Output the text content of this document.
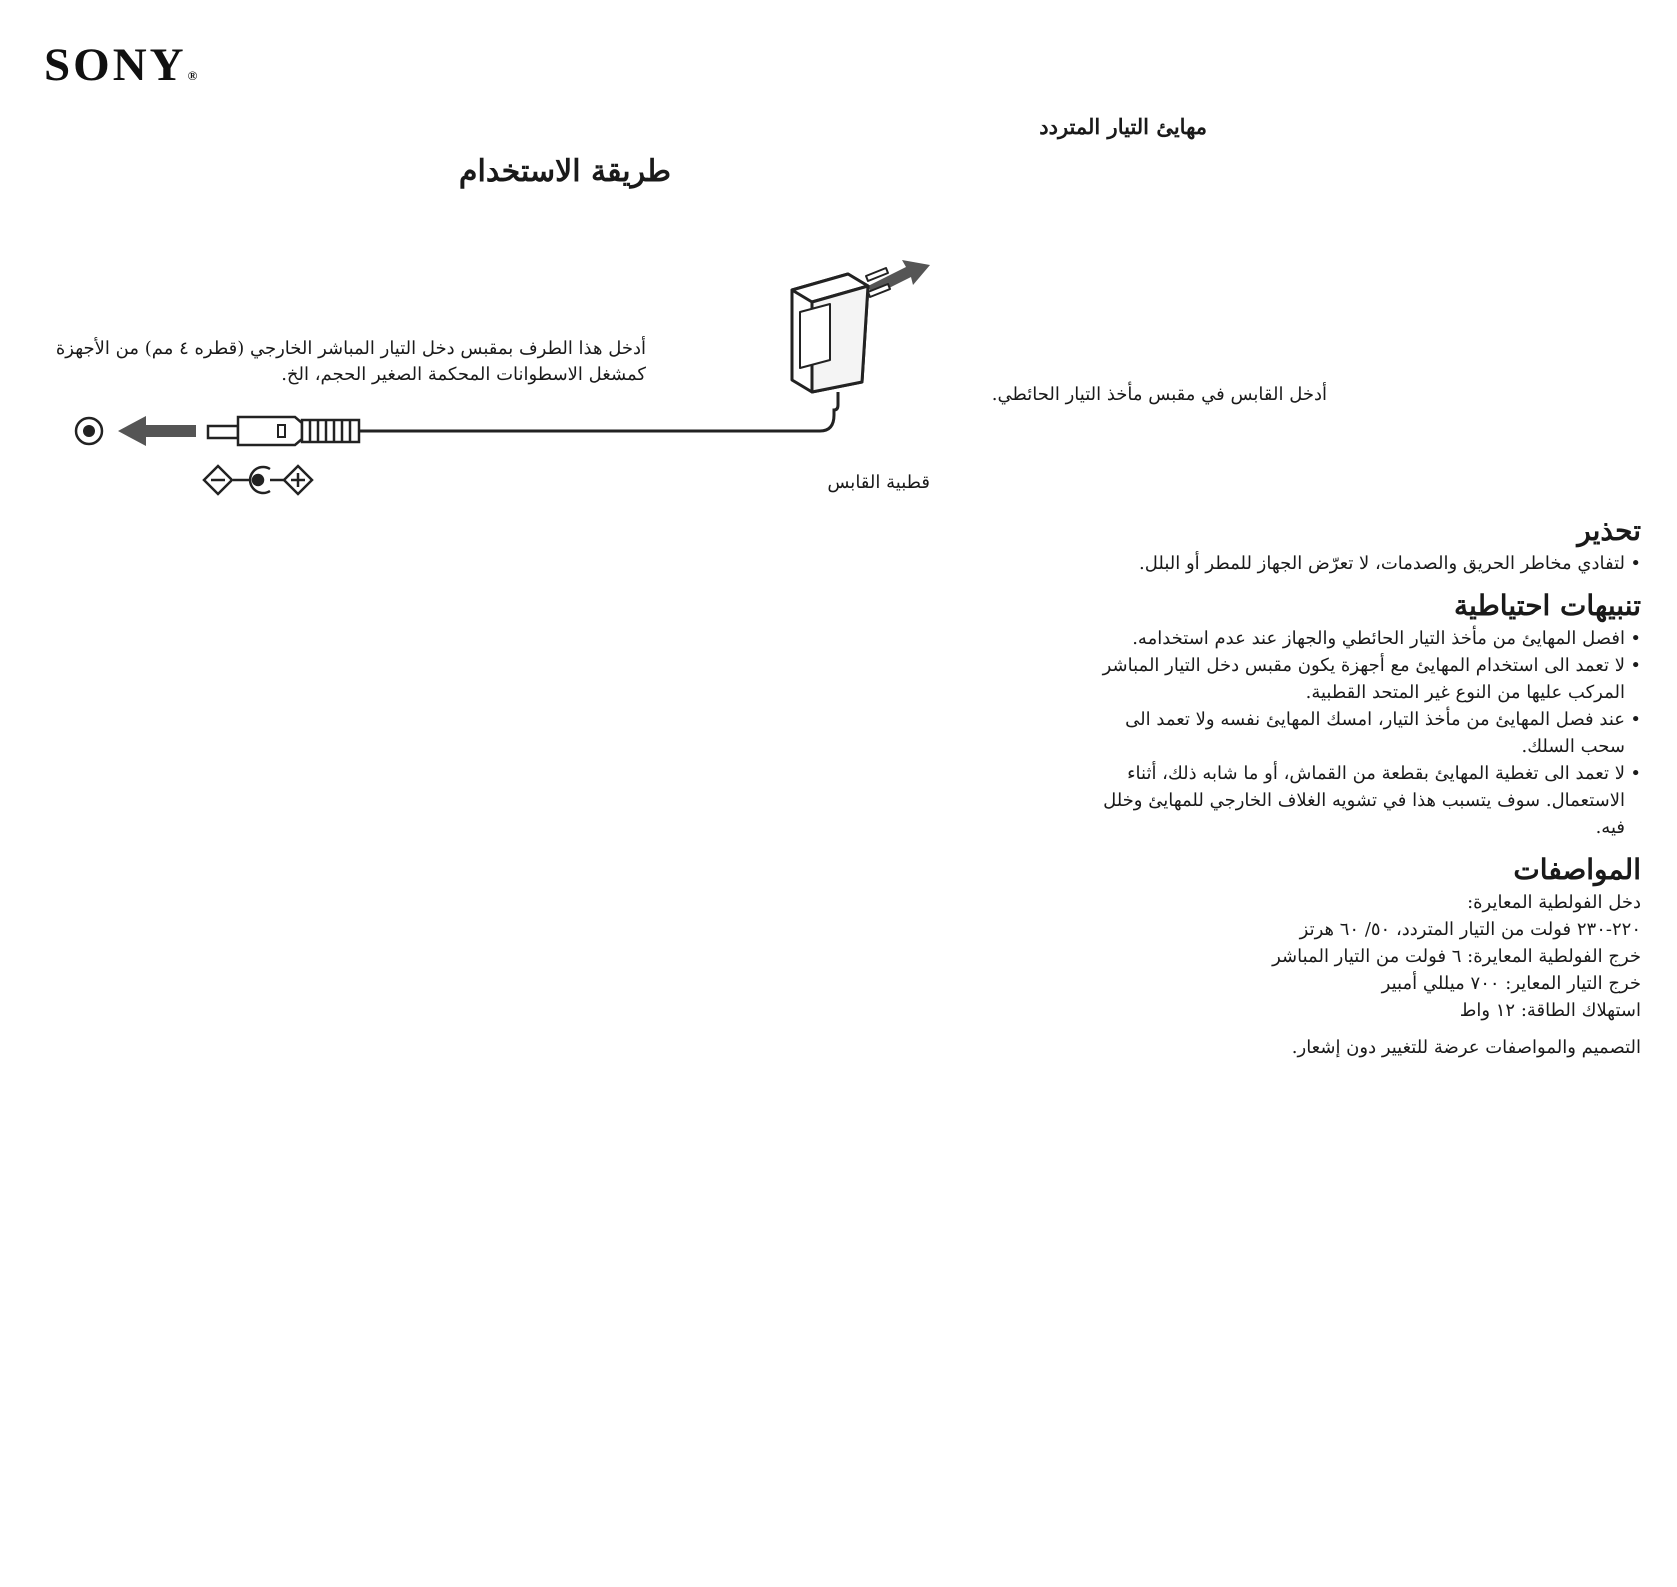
SONY®
مهايئ التيار المتردد
طريقة الاستخدام

أدخل القابس في مقبس مأخذ التيار الحائطي.

أدخل هذا الطرف بمقبس دخل التيار المباشر الخارجي (قطره ٤ مم) من الأجهزة
كمشغل الاسطوانات المحكمة الصغير الحجم، الخ.

قطبية القابس

تحذير
• لتفادي مخاطر الحريق والصدمات، لا تعرّض الجهاز للمطر أو البلل.
تنبيهات احتياطية
• افصل المهايئ من مأخذ التيار الحائطي والجهاز عند عدم استخدامه.
• لا تعمد الى استخدام المهايئ مع أجهزة يكون مقبس دخل التيار المباشر المركب عليها من النوع غير المتحد القطبية.
• عند فصل المهايئ من مأخذ التيار، امسك المهايئ نفسه ولا تعمد الى سحب السلك.
• لا تعمد الى تغطية المهايئ بقطعة من القماش، أو ما شابه ذلك، أثناء الاستعمال. سوف يتسبب هذا في تشويه الغلاف الخارجي للمهايئ وخلل فيه.
المواصفات

دخل الفولطية المعايرة:

٢٢٠-٢٣٠ فولت من التيار المتردد، ٥٠/ ٦٠ هرتز

خرج الفولطية المعايرة: ٦ فولت من التيار المباشر

خرج التيار المعاير: ٧٠٠ ميللي أمبير

استهلاك الطاقة: ١٢ واط

التصميم والمواصفات عرضة للتغيير دون إشعار.
